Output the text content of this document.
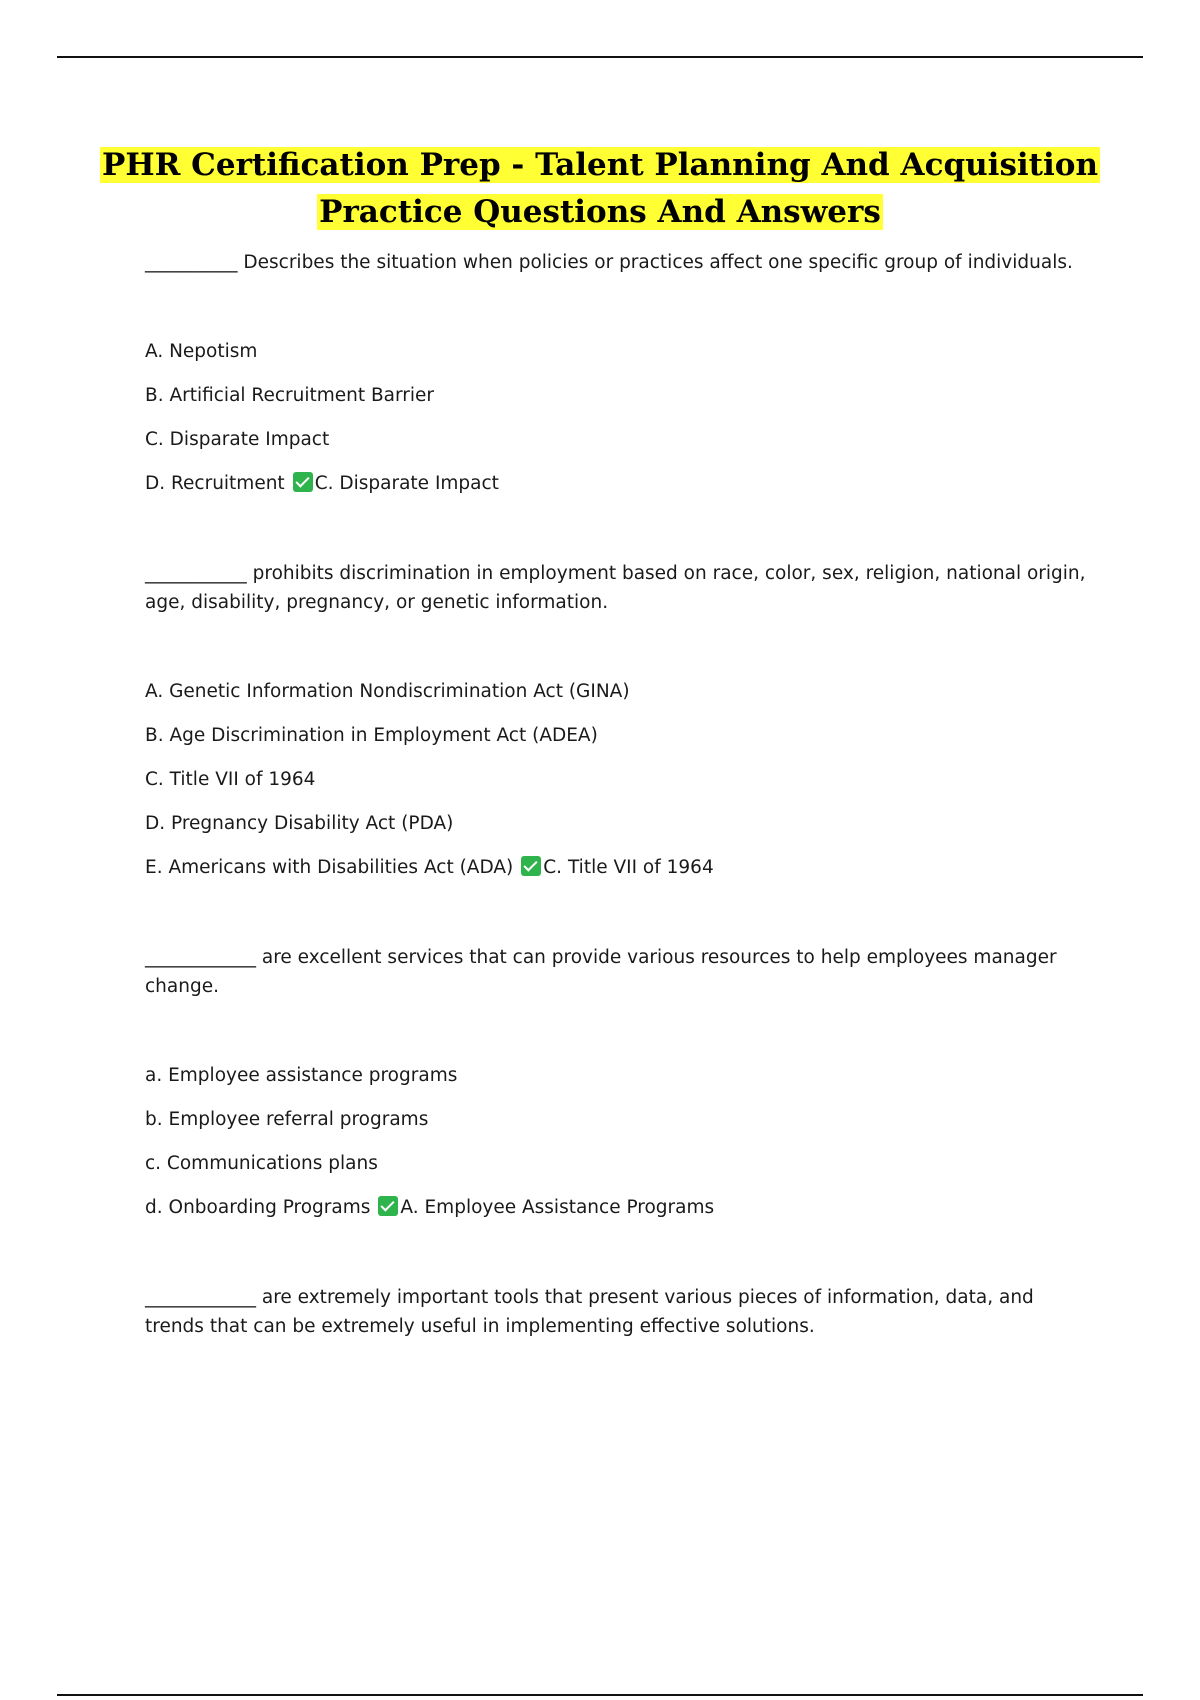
PHR Certification Prep - Talent Planning And Acquisition
Practice Questions And Answers
__________ Describes the situation when policies or practices affect one specific group of individuals.
A. Nepotism
B. Artificial Recruitment Barrier
C. Disparate Impact
D. Recruitment C. Disparate Impact
___________ prohibits discrimination in employment based on race, color, sex, religion, national origin, age, disability, pregnancy, or genetic information.
A. Genetic Information Nondiscrimination Act (GINA)
B. Age Discrimination in Employment Act (ADEA)
C. Title VII of 1964
D. Pregnancy Disability Act (PDA)
E. Americans with Disabilities Act (ADA) C. Title VII of 1964
____________ are excellent services that can provide various resources to help employees manager change.
a. Employee assistance programs
b. Employee referral programs
c. Communications plans
d. Onboarding Programs A. Employee Assistance Programs
____________ are extremely important tools that present various pieces of information, data, and trends that can be extremely useful in implementing effective solutions.
